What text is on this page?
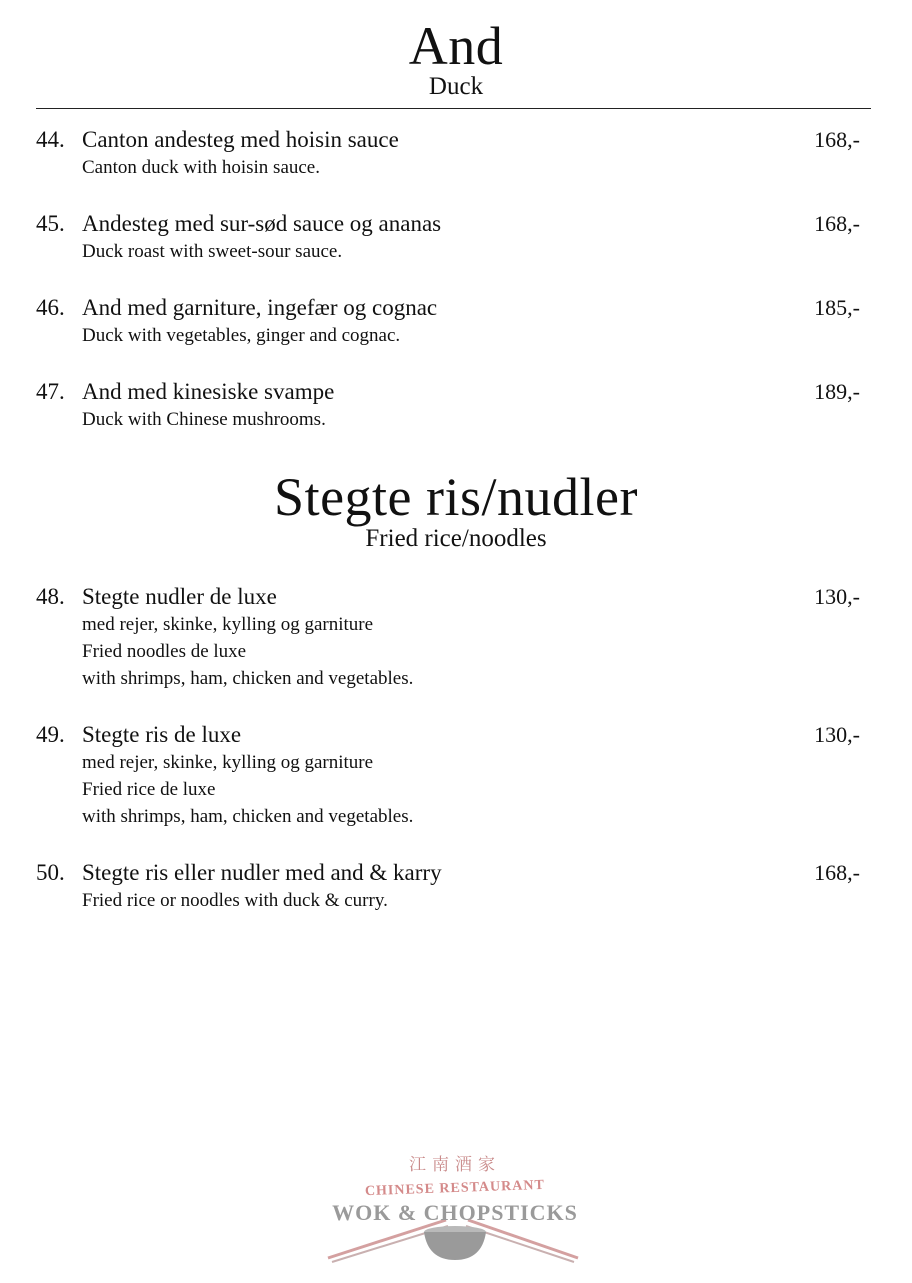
And
Duck
44. Canton andesteg med hoisin sauce	168,-
Canton duck with hoisin sauce.
45. Andesteg med sur-sød sauce og ananas	168,-
Duck roast with sweet-sour sauce.
46. And med garniture, ingefær og cognac	185,-
Duck with vegetables, ginger and cognac.
47. And med kinesiske svampe	189,-
Duck with Chinese mushrooms.
Stegte ris/nudler
Fried rice/noodles
48. Stegte nudler de luxe	130,-
med rejer, skinke, kylling og garniture
Fried noodles de luxe
with shrimps, ham, chicken and vegetables.
49. Stegte ris de luxe	130,-
med rejer, skinke, kylling og garniture
Fried rice de luxe
with shrimps, ham, chicken and vegetables.
50. Stegte ris eller nudler med and & karry	168,-
Fried rice or noodles with duck & curry.
江南酒家
CHINESE RESTAURANT
WOK & CHOPSTICKS
